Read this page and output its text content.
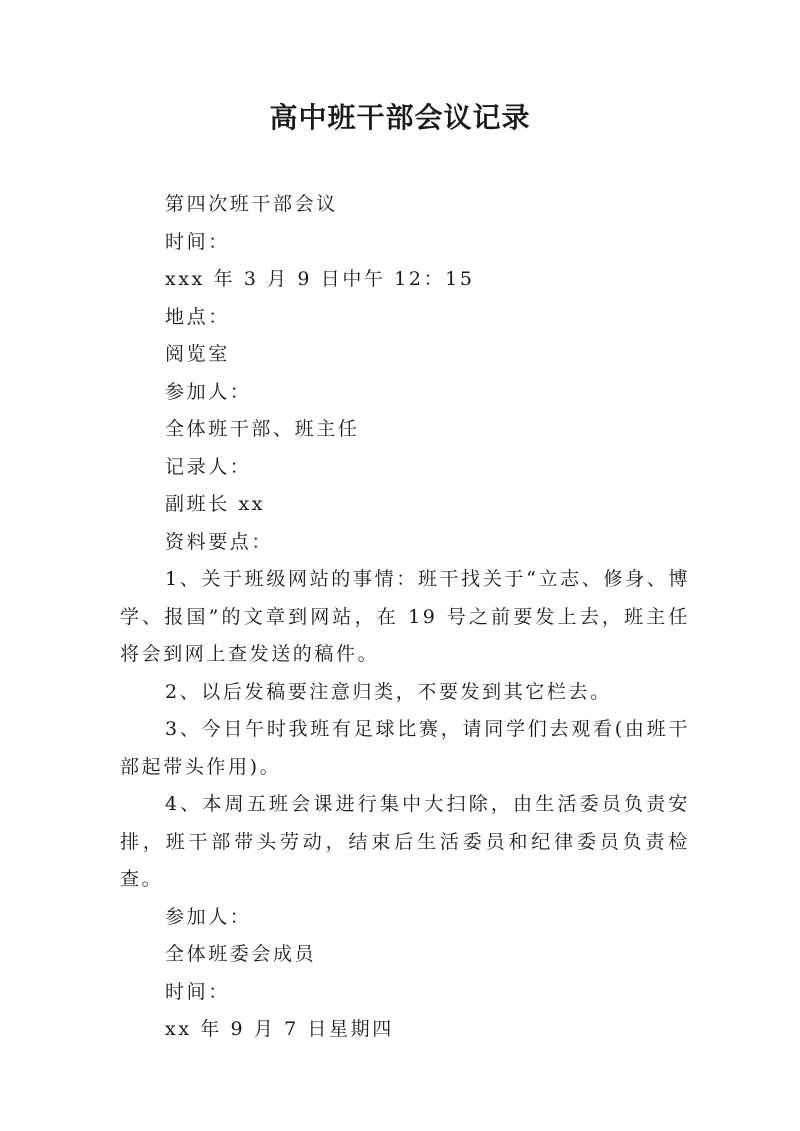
高中班干部会议记录

第四次班干部会议

时间：

xxx 年 3 月 9 日中午 12：15

地点：

阅览室

参加人：

全体班干部、班主任

记录人：

副班长 xx

资料要点：

1、关于班级网站的事情：班干找关于“立志、修身、博学、报国”的文章到网站，在 19 号之前要发上去，班主任将会到网上查发送的稿件。

2、以后发稿要注意归类，不要发到其它栏去。

3、今日午时我班有足球比赛，请同学们去观看(由班干部起带头作用)。

4、本周五班会课进行集中大扫除，由生活委员负责安排，班干部带头劳动，结束后生活委员和纪律委员负责检查。

参加人：

全体班委会成员

时间：

xx 年 9 月 7 日星期四
